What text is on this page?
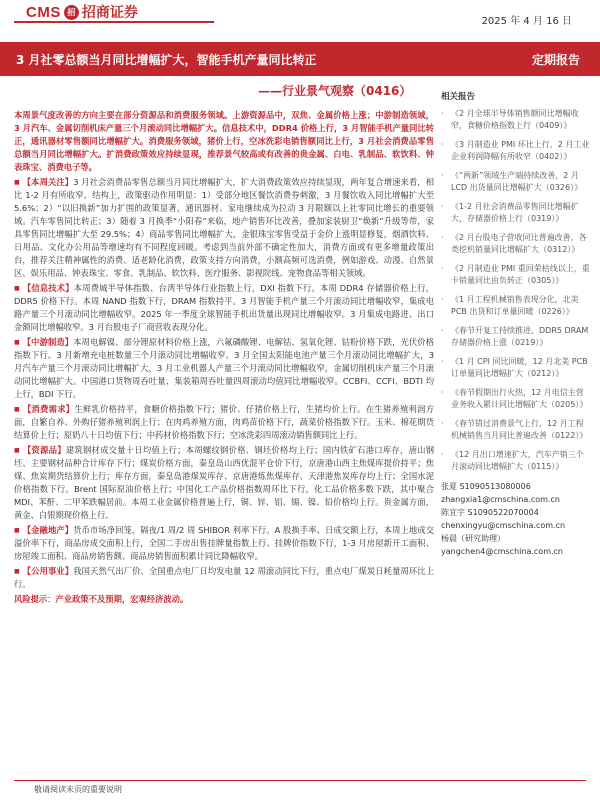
CMS 招 招商证券
2025 年 4 月 16 日
3 月社零总额当月同比增幅扩大，智能手机产量同比转正	定期报告
——行业景气观察（0416）

本周景气度改善的方向主要在部分资源品和消费服务领域。上游资源品中，双焦、金属价格上涨；中游制造领域，3 月汽车、金属切削机床产量三个月滚动同比增幅扩大。信息技术中，DDR4 价格上行，3 月智能手机产量同比转正，通讯器材零售额同比增幅扩大。消费服务领域，猪价上行，空冰洗彩电销售额同比上行，3 月社会消费品零售总额当月同比增幅扩大。扩消费政策效应持续显现，推荐景气较高或有改善的贵金属、白电、乳制品、软饮料、钟表珠宝、消费电子等。

■ 【本周关注】3 月社会消费品零售总额当月同比增幅扩大，扩大消费政策效应持续显现，两年复合增速来看，相比 1-2 月有所收窄。结构上，政策驱动作用明显：1）受部分地区餐饮消费券刺激，3 月餐饮收入同比增幅扩大至 5.6%；2）“以旧换新”加力扩围的政策显著，通讯器材、家电继续成为拉动 3 月限额以上社零同比增长的重要领域。汽车零售同比转正；3）随着 3 月换季“小阳春”来临，地产销售环比改善，叠加家装厨卫“焕新”升级等带，家具零售同比增幅扩大至 29.5%；4）商品零售同比增幅扩大，金银珠宝零售受益于金价上涨明显修复，烟酒饮料、日用品、文化办公用品等增速均有不同程度回暖。考虑到当前外部不确定性加大，消费方面或有更多增量政策出台，推荐关注精神属性的消费、适老龄化消费，政策支持方向消费，小额高频可选消费，例如游戏、动漫、自然景区、娱乐用品、钟表珠宝、零食、乳制品、软饮料、医疗服务、影视院线、宠物食品等相关领域。

■ 【信息技术】本周费城半导体指数、台湾半导体行业指数上行，DXI 指数下行。本周 DDR4 存储器价格上行，DDR5 价格下行。本周 NAND 指数下行，DRAM 指数持平。3 月智能手机产量三个月滚动同比增幅收窄，集成电路产量三个月滚动同比增幅收窄。2025 年一季度全球智能手机出货量出现同比增幅收窄。3 月集成电路进、出口金额同比增幅收窄。3 月台股电子厂商营收表现分化。

■ 【中游制造】本周电解镍、部分锂原材料价格上涨，六氟磷酸锂、电解钴、氢氧化锂、钴粉价格下跌，光伏价格指数下行。3 月新增充电桩数量三个月滚动同比增幅收窄。3 月全国太阳能电池产量三个月滚动同比增幅扩大，3 月汽车产量三个月滚动同比增幅扩大，3 月工业机器人产量三个月滚动同比增幅收窄，金属切削机床产量三个月滚动同比增幅扩大。中国港口货物周吞吐量、集装箱周吞吐量四周滚动均值同比增幅收窄。CCBFI、CCFI、BDTI 均上行，BDI 下行。

■ 【消费需求】生鲜乳价格持平，食糖价格指数下行；猪价、仔猪价格上行，生猪均价上行。在生猪养殖利润方面，自繁自养、外购仔猪养殖利润上行；在肉鸡养殖方面，肉鸡苗价格下行，蔬菜价格指数下行。玉米、棉花期货结算价上行；原奶八十日均值下行；中药材价格指数下行；空冰洗彩四周滚动销售额同比上行。

■ 【资源品】建筑钢材成交量十日均值上行；本周螺纹钢价格、钢坯价格均上行；国内铁矿石港口库存，唐山钢坯、主要钢材品种合计库存下行；煤炭价格方面，秦皇岛山西优混平仓价下行，京唐港山西主焦煤库提价持平；焦煤、焦炭期货结算价上行；库存方面，秦皇岛港煤炭库存、京唐港炼焦煤库存、天津港焦炭库存均上行；全国水泥价格指数下行。Brent 国际原油价格上行；中国化工产品价格指数周环比下行，化工品价格多数下跌，其中聚合 MDI、苯酐、二甲苯跌幅居前。本周工业金属价格普遍上行，铜、锌、铝、锡、镍、铅价格均上行。贵金属方面，黄金、白银期现价格上行。

■ 【金融地产】货币市场净回笼，隔夜/1 周/2 周 SHIBOR 利率下行。A 股换手率、日成交额上行，本周上地成交溢价率下行，商品房成交面积上行，全国二手房出售挂牌量指数上行、挂牌价指数下行，1-3 月房屋新开工面积、房屋竣工面积、商品房销售额、商品房销售面积累计同比降幅收窄。

■ 【公用事业】我国天然气出厂价、全国重点电厂日均发电量 12 周滚动同比下行，重点电厂煤炭日耗量周环比上行。

风险提示：产业政策不及预期，宏观经济波动。

相关报告
· 《2 月全球半导体销售额同比增幅收窄，食糖价格指数上行（0409）》
· 《3 月制造业 PMI 环比上行，2 月工业企业利润降幅有所收窄（0402）》
· 《“两新”领域生产端持续改善，2 月 LCD 出货量同比增幅扩大（0326）》
· 《1-2 月社会消费品零售同比增幅扩大，存储器价格上行（0319）》
· 《2 月台股电子营收同比普遍改善，各类挖机销量同比增幅扩大（0312）》
· 《2 月制造业 PMI 重回荣枯线以上，重卡销量同比由负转正（0305）》
· 《1 月工程机械销售表现分化，北美 PCB 出货和订单量回暖（0226）》
· 《春节开复工持续推进，DDR5 DRAM 存储器价格上涨（0219）》
· 《1 月 CPI 同比回暖，12 月北美 PCB 订单量同比增幅扩大（0212）》
· 《春节假期出行火热，12 月电信主营业务收入累计同比增幅扩大（0205）》
· 《春节错过消费景气上行，12 月工程机械销售当月同比普遍改善（0122）》
· 《12 月出口增速扩大，汽车产销三个月滚动同比增幅扩大（0115）》
张夏 S1090513080006
zhangxia1@cmschina.com.cn
陈宜宇 S1090522070004
chenxingyu@cmschina.com.cn
杨晨（研究助理）
yangchen4@cmschina.com.cn
敬请阅读末页的重要说明
